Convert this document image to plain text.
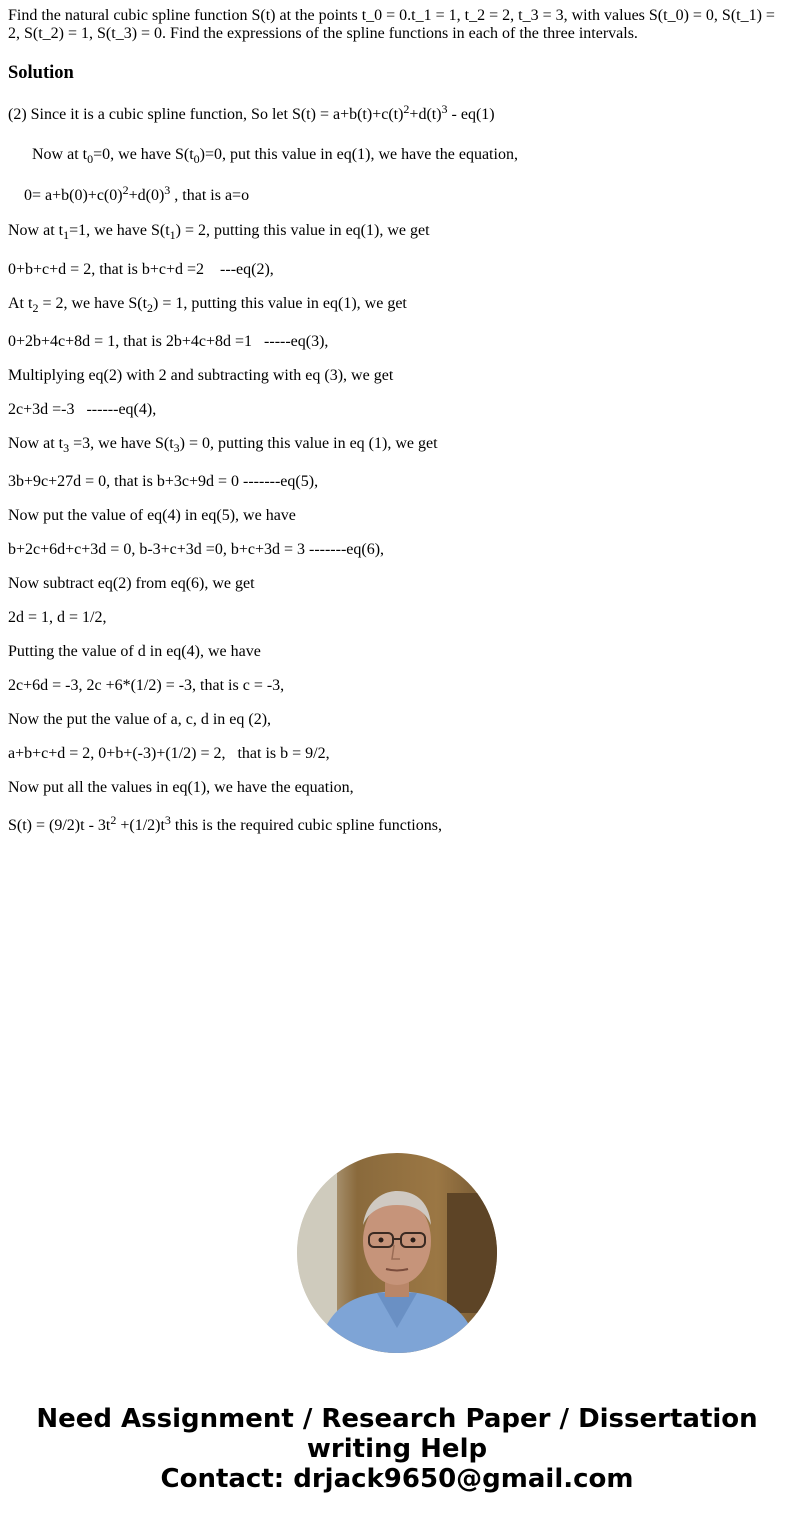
Find the natural cubic spline function S(t) at the points t_0 = 0.t_1 = 1, t_2 = 2, t_3 = 3, with values S(t_0) = 0, S(t_1) = 2, S(t_2) = 1, S(t_3) = 0. Find the expressions of the spline functions in each of the three intervals.
Solution
(2) Since it is a cubic spline function, So let $S(t) = a+b(t)+c(t)^2+d(t)^3 - eq(1)$
Now at $t_0=0$, we have $S(t_0)=0$, put this value in eq(1), we have the equation,
$0= a+b(0)+c(0)^2+d(0)^3$ , that is a=o
Now at $t_1=1$, we have $S(t_1) = 2$, putting this value in eq(1), we get
0+b+c+d = 2, that is b+c+d =2    ---eq(2),
At $t_2 = 2$, we have $S(t_2) = 1$, putting this value in eq(1), we get
0+2b+4c+8d = 1, that is 2b+4c+8d =1   -----eq(3),
Multiplying eq(2) with 2 and subtracting with eq (3), we get
2c+3d =-3   ------eq(4),
Now at $t_3 =3$, we have $S(t_3) = 0$, putting this value in eq (1), we get
3b+9c+27d = 0, that is b+3c+9d = 0 -------eq(5),
Now put the value of eq(4) in eq(5), we have
b+2c+6d+c+3d = 0, b-3+c+3d =0, b+c+3d = 3 -------eq(6),
Now subtract eq(2) from eq(6), we get
2d = 1, d = 1/2,
Putting the value of d in eq(4), we have
2c+6d = -3, 2c +6*(1/2) = -3, that is c = -3,
Now the put the value of a, c, d in eq (2),
a+b+c+d = 2, 0+b+(-3)+(1/2) = 2,   that is b = 9/2,
Now put all the values in eq(1), we have the equation,
$S(t) = (9/2)t - 3t^2 +(1/2)t^3$ this is the required cubic spline functions,
Need Assignment / Research Paper / Dissertation
writing Help
Contact: drjack9650@gmail.com
